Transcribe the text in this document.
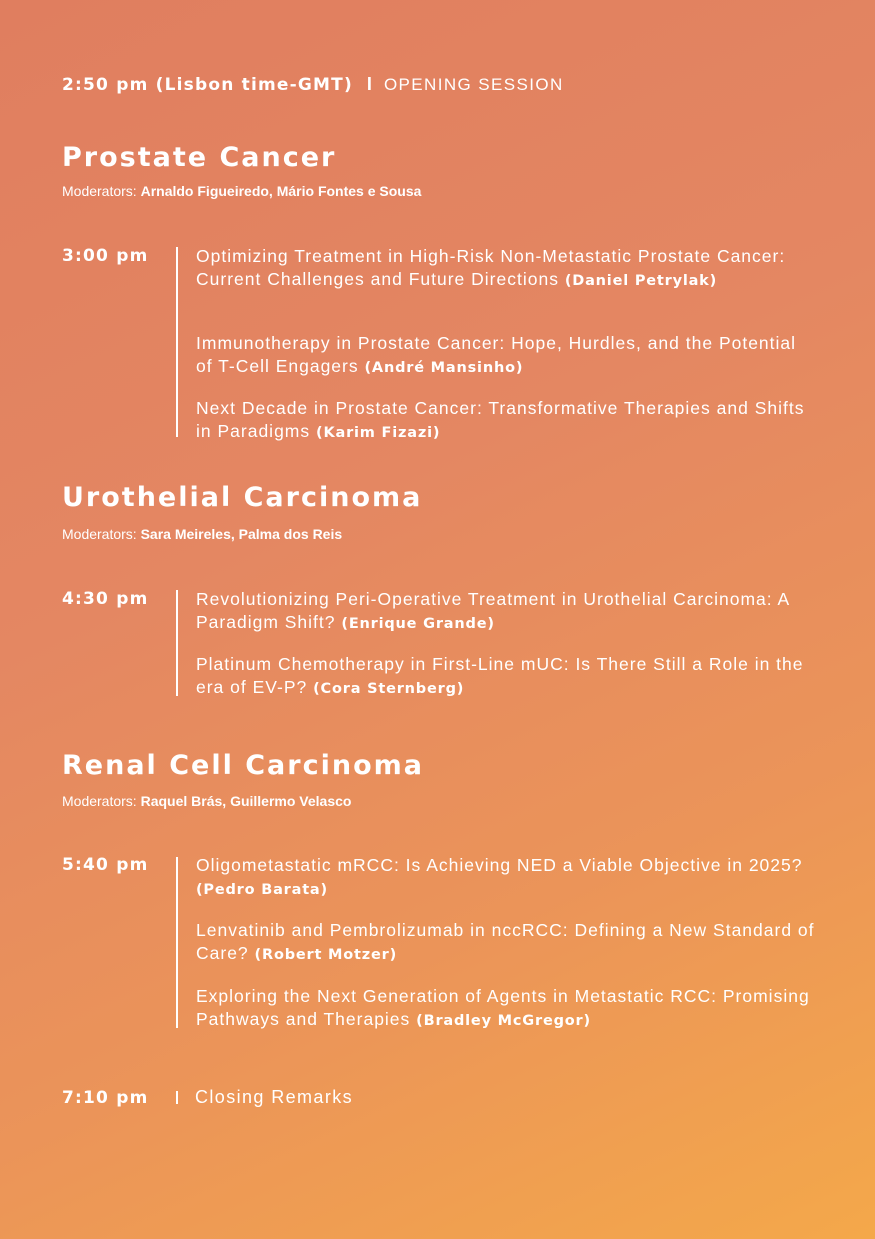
2:50 pm (Lisbon time-GMT) I OPENING SESSION
Prostate Cancer
Moderators: Arnaldo Figueiredo, Mário Fontes e Sousa
3:00 pm	Optimizing Treatment in High-Risk Non-Metastatic Prostate Cancer: Current Challenges and Future Directions (Daniel Petrylak)
Immunotherapy in Prostate Cancer: Hope, Hurdles, and the Potential of T-Cell Engagers (André Mansinho)
Next Decade in Prostate Cancer: Transformative Therapies and Shifts in Paradigms (Karim Fizazi)
Urothelial Carcinoma
Moderators: Sara Meireles, Palma dos Reis
4:30 pm	Revolutionizing Peri-Operative Treatment in Urothelial Carcinoma: A Paradigm Shift? (Enrique Grande)
Platinum Chemotherapy in First-Line mUC: Is There Still a Role in the era of EV-P? (Cora Sternberg)
Renal Cell Carcinoma
Moderators: Raquel Brás, Guillermo Velasco
5:40 pm	Oligometastatic mRCC: Is Achieving NED a Viable Objective in 2025? (Pedro Barata)
Lenvatinib and Pembrolizumab in nccRCC: Defining a New Standard of Care? (Robert Motzer)
Exploring the Next Generation of Agents in Metastatic RCC: Promising Pathways and Therapies (Bradley McGregor)
7:10 pm	Closing Remarks
